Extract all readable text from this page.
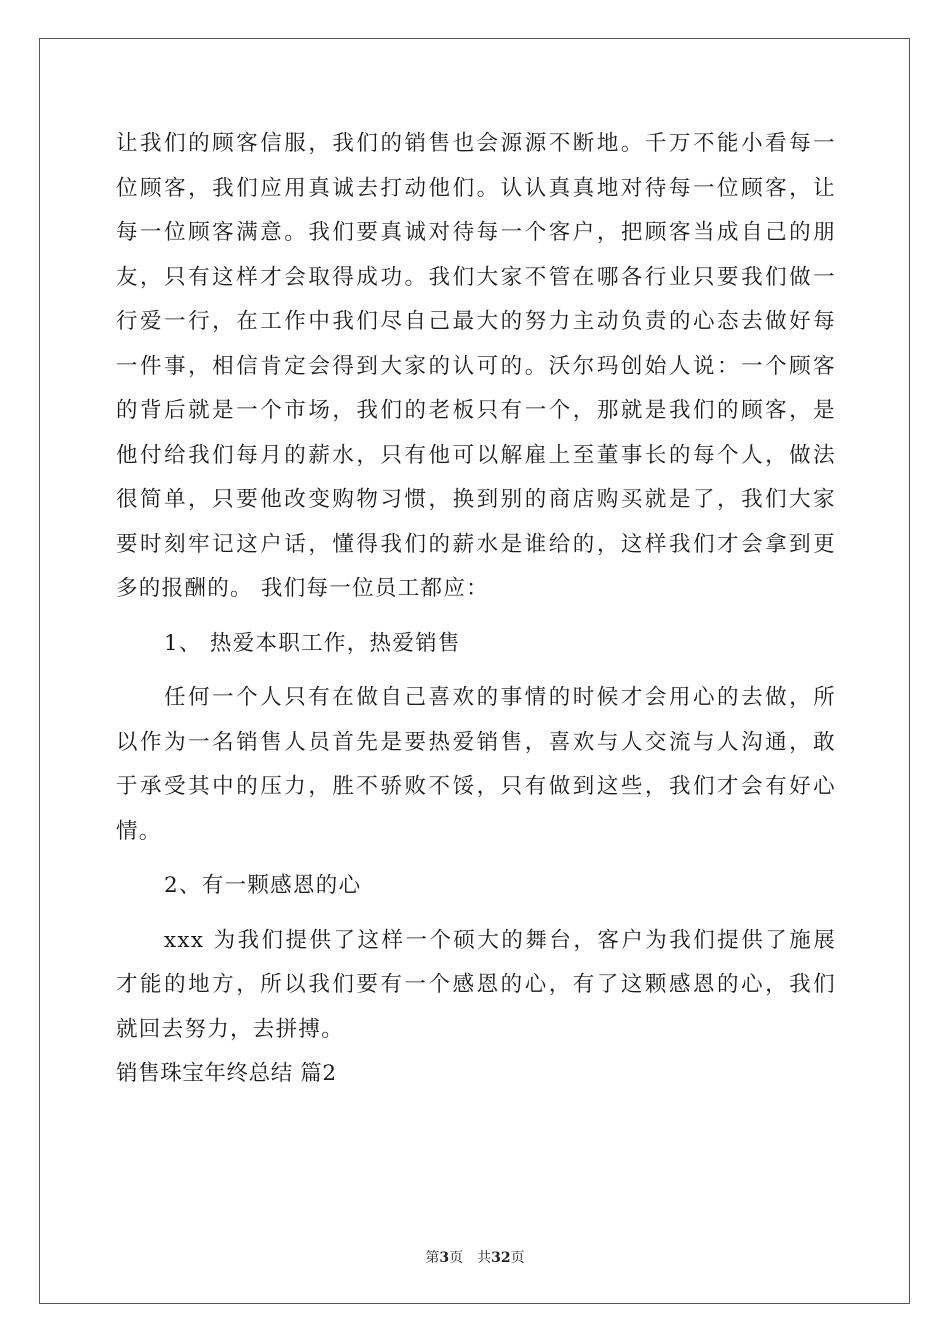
让我们的顾客信服，我们的销售也会源源不断地。千万不能小看每一
位顾客，我们应用真诚去打动他们。认认真真地对待每一位顾客，让
每一位顾客满意。我们要真诚对待每一个客户，把顾客当成自己的朋
友，只有这样才会取得成功。我们大家不管在哪各行业只要我们做一
行爱一行，在工作中我们尽自己最大的努力主动负责的心态去做好每
一件事，相信肯定会得到大家的认可的。沃尔玛创始人说：一个顾客
的背后就是一个市场，我们的老板只有一个，那就是我们的顾客，是
他付给我们每月的薪水，只有他可以解雇上至董事长的每个人，做法
很简单，只要他改变购物习惯，换到别的商店购买就是了，我们大家
要时刻牢记这户话，懂得我们的薪水是谁给的，这样我们才会拿到更
多的报酬的。 我们每一位员工都应：
1、 热爱本职工作，热爱销售
任何一个人只有在做自己喜欢的事情的时候才会用心的去做，所
以作为一名销售人员首先是要热爱销售，喜欢与人交流与人沟通，敢
于承受其中的压力，胜不骄败不馁，只有做到这些，我们才会有好心
情。
2、有一颗感恩的心
xxx 为我们提供了这样一个硕大的舞台，客户为我们提供了施展
才能的地方，所以我们要有一个感恩的心，有了这颗感恩的心，我们
就回去努力，去拼搏。
销售珠宝年终总结 篇2
第3页 共32页
